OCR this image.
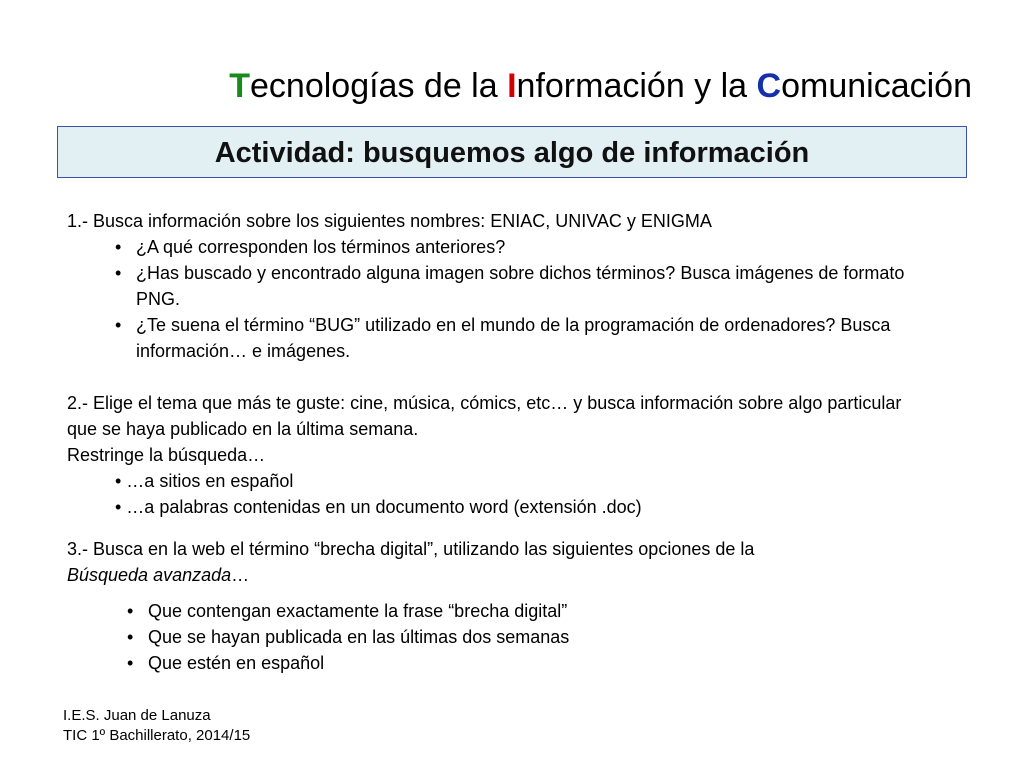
Tecnologías de la Información y la Comunicación
Actividad: busquemos algo de información
1.- Busca información sobre los siguientes nombres: ENIAC, UNIVAC y ENIGMA
• ¿A qué corresponden los términos anteriores?
• ¿Has buscado y encontrado alguna imagen sobre dichos términos? Busca imágenes de formato PNG.
• ¿Te suena el término “BUG” utilizado en el mundo de la programación de ordenadores? Busca información… e imágenes.
2.- Elige el tema que más te guste: cine, música, cómics, etc… y busca información sobre algo particular que se haya publicado en la última semana.
Restringe la búsqueda…
• …a sitios en español
• …a palabras contenidas en un documento word (extensión .doc)
3.- Busca en la web el término “brecha digital”, utilizando las siguientes opciones de la
Búsqueda avanzada…
• Que contengan exactamente la frase “brecha digital”
• Que se hayan publicada en las últimas dos semanas
• Que estén en español
I.E.S. Juan de Lanuza
TIC 1º Bachillerato, 2014/15
